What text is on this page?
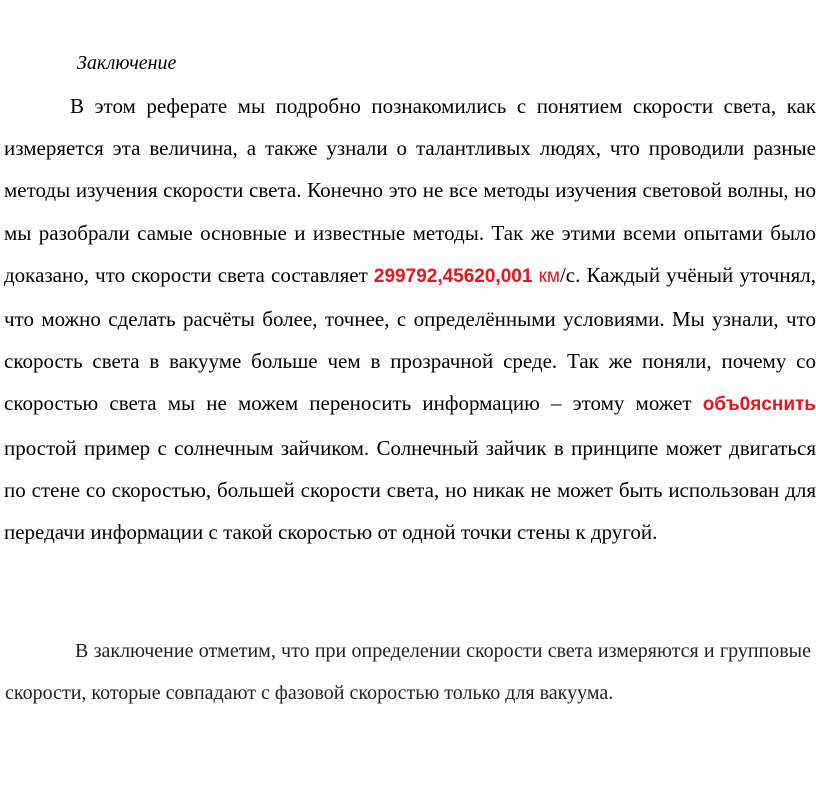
Заключение

В этом реферате мы подробно познакомились с понятием скорости света, как измеряется эта величина, а также узнали о талантливых людях, что проводили разные методы изучения скорости света. Конечно это не все методы изучения световой волны, но мы разобрали самые основные и известные методы. Так же этими всеми опытами было доказано, что скорости света составляет 299792,45620,001 км/с. Каждый учёный уточнял, что можно сделать расчёты более, точнее, с определёнными условиями. Мы узнали, что скорость света в вакууме больше чем в прозрачной среде. Так же поняли, почему со скоростью света мы не можем переносить информацию – этому может объ0яснить простой пример с солнечным зайчиком. Солнечный зайчик в принципе может двигаться по стене со скоростью, большей скорости света, но никак не может быть использован для передачи информации с такой скоростью от одной точки стены к другой.

В заключение отметим, что при определении скорости света измеряются и групповые скорости, которые совпадают с фазовой скоростью только для вакуума.
